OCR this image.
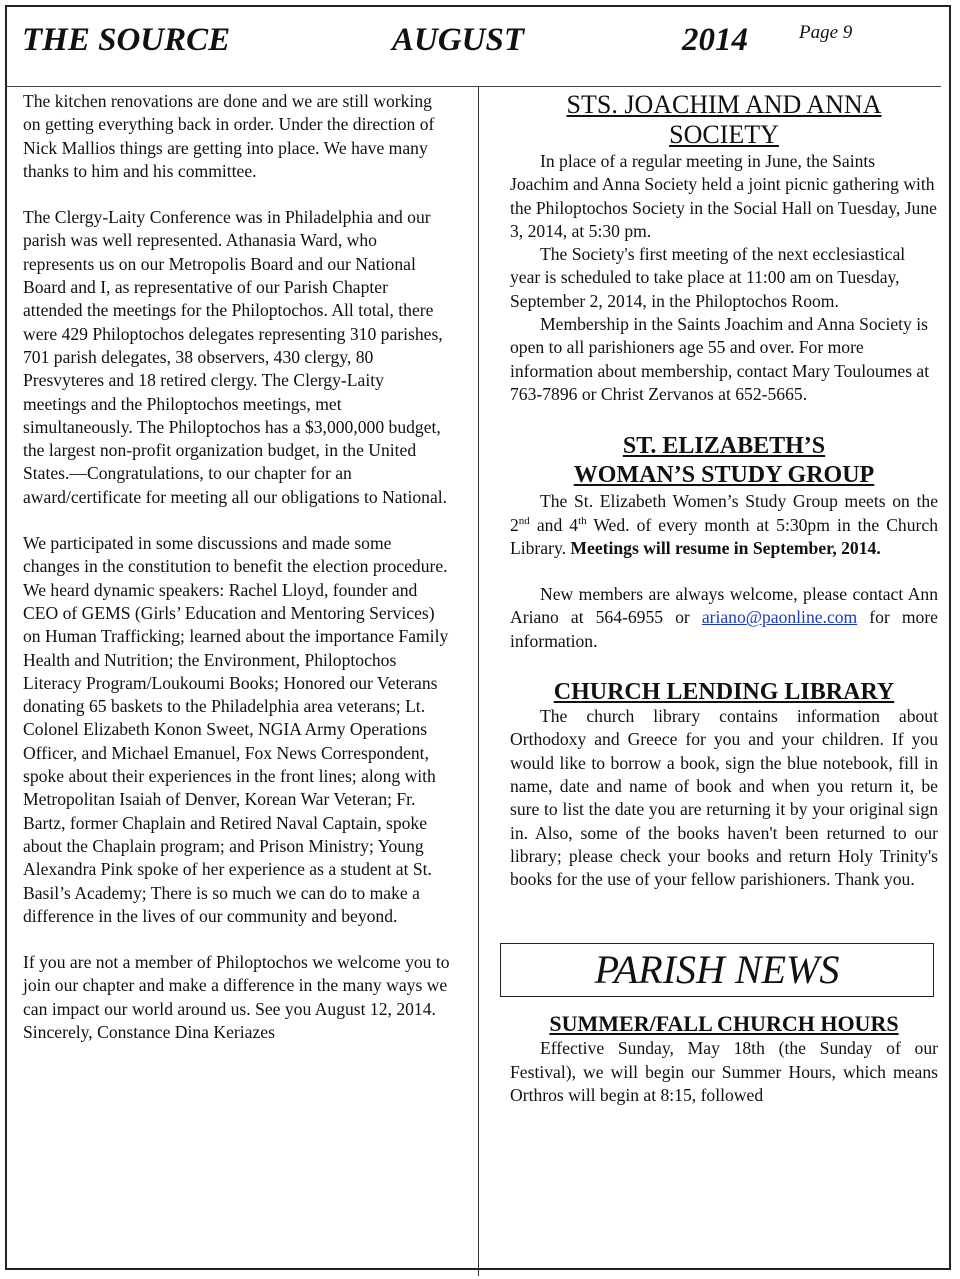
THE SOURCE	AUGUST	2014	Page 9

The kitchen renovations are done and we are still working on getting everything back in order. Under the direction of Nick Mallios things are getting into place. We have many thanks to him and his committee.

The Clergy-Laity Conference was in Philadelphia and our parish was well represented. Athanasia Ward, who represents us on our Metropolis Board and our National Board and I, as representative of our Parish Chapter attended the meetings for the Philoptochos. All total, there were 429 Philoptochos delegates representing 310 parishes, 701 parish delegates, 38 observers, 430 clergy, 80 Presvyteres and 18 retired clergy. The Clergy-Laity meetings and the Philoptochos meetings, met simultaneously. The Philoptochos has a $3,000,000 budget, the largest non-profit organization budget, in the United States.—Congratulations, to our chapter for an award/certificate for meeting all our obligations to National.

We participated in some discussions and made some changes in the constitution to benefit the election procedure. We heard dynamic speakers: Rachel Lloyd, founder and CEO of GEMS (Girls’ Education and Mentoring Services) on Human Trafficking; learned about the importance Family Health and Nutrition; the Environment, Philoptochos Literacy Program/Loukoumi Books; Honored our Veterans donating 65 baskets to the Philadelphia area veterans; Lt. Colonel Elizabeth Konon Sweet, NGIA Army Operations Officer, and Michael Emanuel, Fox News Correspondent, spoke about their experiences in the front lines; along with Metropolitan Isaiah of Denver, Korean War Veteran; Fr. Bartz, former Chaplain and Retired Naval Captain, spoke about the Chaplain program; and Prison Ministry; Young Alexandra Pink spoke of her experience as a student at St. Basil’s Academy; There is so much we can do to make a difference in the lives of our community and beyond.

If you are not a member of Philoptochos we welcome you to join our chapter and make a difference in the many ways we can impact our world around us. See you August 12, 2014.

Sincerely, Constance Dina Keriazes

STS. JOACHIM AND ANNA

SOCIETY

In place of a regular meeting in June, the Saints Joachim and Anna Society held a joint picnic gathering with the Philoptochos Society in the Social Hall on Tuesday, June 3, 2014, at 5:30 pm.

The Society's first meeting of the next ecclesiastical year is scheduled to take place at 11:00 am on Tuesday, September 2, 2014, in the Philoptochos Room.

Membership in the Saints Joachim and Anna Society is open to all parishioners age 55 and over. For more information about membership, contact Mary Touloumes at 763-7896 or Christ Zervanos at 652-5665.

ST. ELIZABETH’S

WOMAN’S STUDY GROUP

The St. Elizabeth Women’s Study Group meets on the 2nd and 4th Wed. of every month at 5:30pm in the Church Library. Meetings will resume in September, 2014.

New members are always welcome, please contact Ann Ariano at 564-6955 or ariano@paonline.com for more information.

CHURCH LENDING LIBRARY

The church library contains information about Orthodoxy and Greece for you and your children. If you would like to borrow a book, sign the blue notebook, fill in name, date and name of book and when you return it, be sure to list the date you are returning it by your original sign in. Also, some of the books haven't been returned to our library; please check your books and return Holy Trinity's books for the use of your fellow parishioners. Thank you.

PARISH NEWS

SUMMER/FALL CHURCH HOURS

Effective Sunday, May 18th (the Sunday of our Festival), we will begin our Summer Hours, which means Orthros will begin at 8:15, followed
